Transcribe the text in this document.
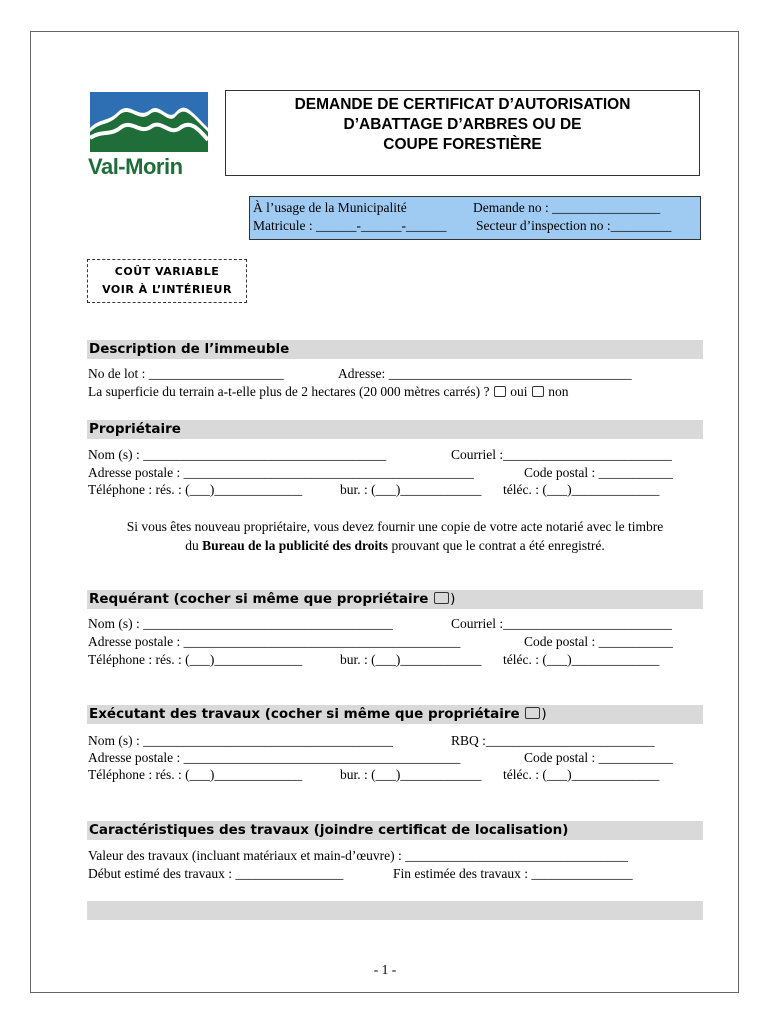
Val-Morin
DEMANDE DE CERTIFICAT D’AUTORISATION
D’ABATTAGE D’ARBRES OU DE
COUPE FORESTIÈRE
À l’usage de la Municipalité	Demande no : ________________
Matricule : ______-______-______ Secteur d’inspection no :_________
COÛT VARIABLE
VOIR À L’INTÉRIEUR
Description de l’immeuble
No de lot : ____________________	Adresse: ____________________________________
La superficie du terrain a-t-elle plus de 2 hectares (20 000 mètres carrés) ? oui non
Propriétaire
Nom (s) : ____________________________________	Courriel :_________________________
Adresse postale : ___________________________________________	Code postal : ___________
Téléphone : rés. : (___)_____________	bur. : (___)____________ téléc. : (___)_____________
Si vous êtes nouveau propriétaire, vous devez fournir une copie de votre acte notarié avec le timbre
du Bureau de la publicité des droits prouvant que le contrat a été enregistré.
Requérant (cocher si même que propriétaire )
Nom (s) : _____________________________________	Courriel :_________________________
Adresse postale : _________________________________________	Code postal : ___________
Téléphone : rés. : (___)_____________	bur. : (___)____________ téléc. : (___)_____________
Exécutant des travaux (cocher si même que propriétaire )
Nom (s) : _____________________________________	RBQ :_________________________
Adresse postale : _________________________________________	Code postal : ___________
Téléphone : rés. : (___)_____________	bur. : (___)____________ téléc. : (___)_____________
Caractéristiques des travaux (joindre certificat de localisation)
Valeur des travaux (incluant matériaux et main-d’œuvre) : _________________________________
Début estimé des travaux : ________________	Fin estimée des travaux : _______________
- 1 -
